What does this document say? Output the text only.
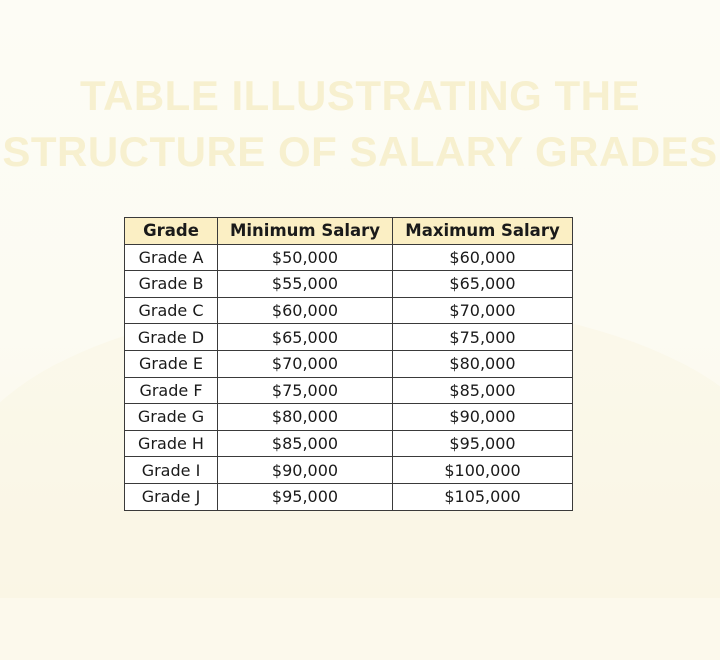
TABLE ILLUSTRATING THE
STRUCTURE OF SALARY GRADES
Grade	Minimum Salary	Maximum Salary
Grade A	$50,000	$60,000
Grade B	$55,000	$65,000
Grade C	$60,000	$70,000
Grade D	$65,000	$75,000
Grade E	$70,000	$80,000
Grade F	$75,000	$85,000
Grade G	$80,000	$90,000
Grade H	$85,000	$95,000
Grade I	$90,000	$100,000
Grade J	$95,000	$105,000
